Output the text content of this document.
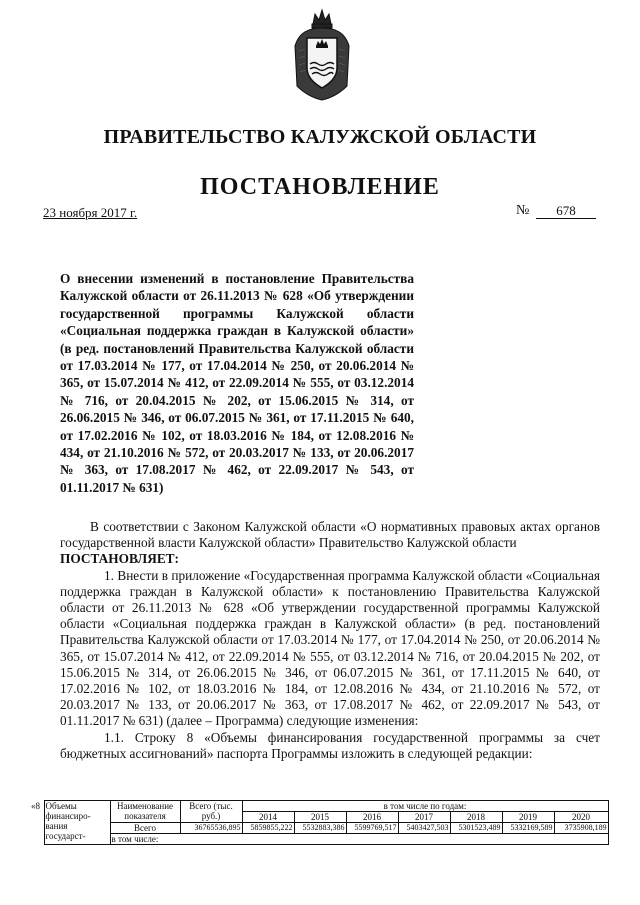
ПРАВИТЕЛЬСТВО КАЛУЖСКОЙ ОБЛАСТИ
ПОСТАНОВЛЕНИЕ
23 ноября 2017 г.	№	678
О внесении изменений в постановление Правительства Калужской области от 26.11.2013 № 628 «Об утверждении государственной программы Калужской области «Социальная поддержка граждан в Калужской области» (в ред. постановлений Правительства Калужской области от 17.03.2014 № 177, от 17.04.2014 № 250, от 20.06.2014 № 365, от 15.07.2014 № 412, от 22.09.2014 № 555, от 03.12.2014 № 716, от 20.04.2015 № 202, от 15.06.2015 № 314, от 26.06.2015 № 346, от 06.07.2015 № 361, от 17.11.2015 № 640, от 17.02.2016 № 102, от 18.03.2016 № 184, от 12.08.2016 № 434, от 21.10.2016 № 572, от 20.03.2017 № 133, от 20.06.2017 № 363, от 17.08.2017 № 462, от 22.09.2017 № 543, от 01.11.2017 № 631)

В соответствии с Законом Калужской области «О нормативных правовых актах органов государственной власти Калужской области» Правительство Калужской области

ПОСТАНОВЛЯЕТ:

1. Внести в приложение «Государственная программа Калужской области «Социальная поддержка граждан в Калужской области» к постановлению Правительства Калужской области от 26.11.2013 № 628 «Об утверждении государственной программы Калужской области «Социальная поддержка граждан в Калужской области» (в ред. постановлений Правительства Калужской области от 17.03.2014 № 177, от 17.04.2014 № 250, от 20.06.2014 № 365, от 15.07.2014 № 412, от 22.09.2014 № 555, от 03.12.2014 № 716, от 20.04.2015 № 202, от 15.06.2015 № 314, от 26.06.2015 № 346, от 06.07.2015 № 361, от 17.11.2015 № 640, от 17.02.2016 № 102, от 18.03.2016 № 184, от 12.08.2016 № 434, от 21.10.2016 № 572, от 20.03.2017 № 133, от 20.06.2017 № 363, от 17.08.2017 № 462, от 22.09.2017 № 543, от 01.11.2017 № 631) (далее – Программа) следующие изменения:

1.1. Строку 8 «Объемы финансирования государственной программы за счет бюджетных ассигнований» паспорта Программы изложить в следующей редакции:

«8	Объемы финансиро-вания государст-	Наименование показателя	Всего (тыс. руб.)	в том числе по годам:						
				2014	2015	2016	2017	2018	2019	2020
		Всего	36765536,895	5859855,222	5532883,386	5599769,517	5403427,503	5301523,489	5332169,589	3735908,189
		в том числе:								
